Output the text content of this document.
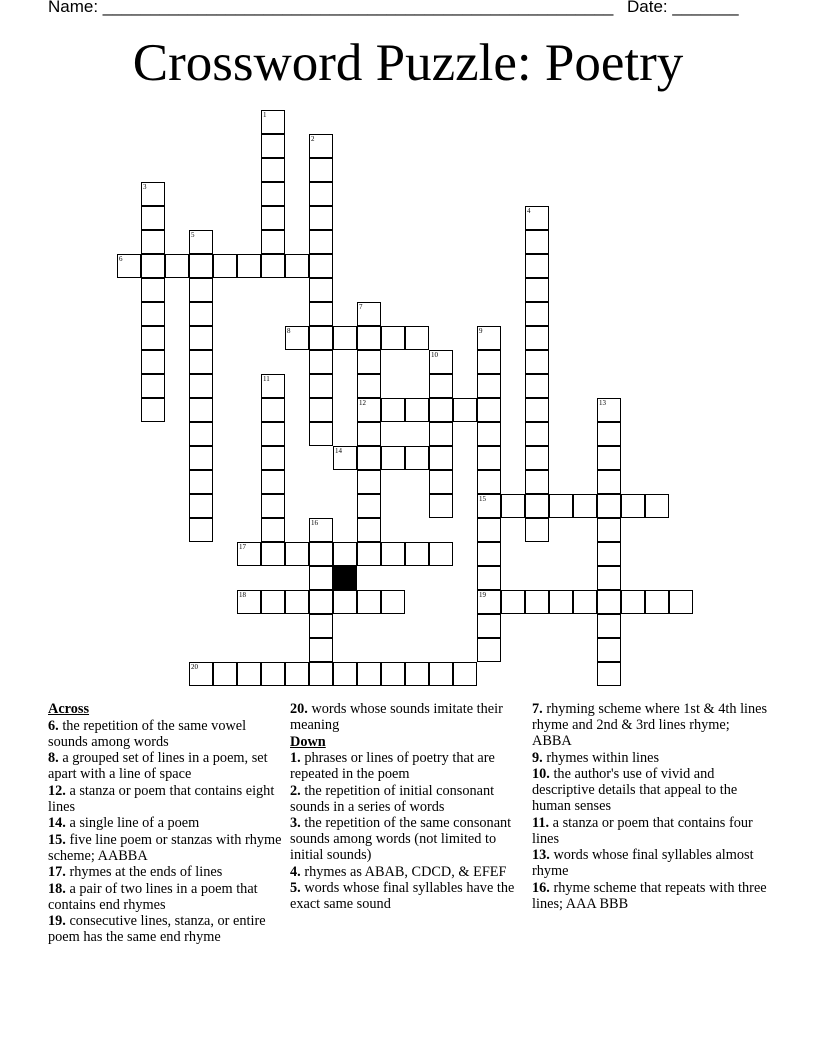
Name: ______________________________________________________ Date: _______
Crossword Puzzle: Poetry
6
8
12
14
15
17
18	19
20
1
2
3
4
5
7
9
10
11
13
16
Across
6. the repetition of the same vowel sounds among words
8. a grouped set of lines in a poem, set apart with a line of space
12. a stanza or poem that contains eight lines
14. a single line of a poem
15. five line poem or stanzas with rhyme scheme; AABBA
17. rhymes at the ends of lines
18. a pair of two lines in a poem that contains end rhymes
19. consecutive lines, stanza, or entire poem has the same end rhyme
20. words whose sounds imitate their meaning
Down
1. phrases or lines of poetry that are repeated in the poem
2. the repetition of initial consonant sounds in a series of words
3. the repetition of the same consonant sounds among words (not limited to initial sounds)
4. rhymes as ABAB, CDCD, & EFEF
5. words whose final syllables have the exact same sound
7. rhyming scheme where 1st & 4th lines rhyme and 2nd & 3rd lines rhyme; ABBA
9. rhymes within lines
10. the author's use of vivid and descriptive details that appeal to the human senses
11. a stanza or poem that contains four lines
13. words whose final syllables almost rhyme
16. rhyme scheme that repeats with three lines; AAA BBB
